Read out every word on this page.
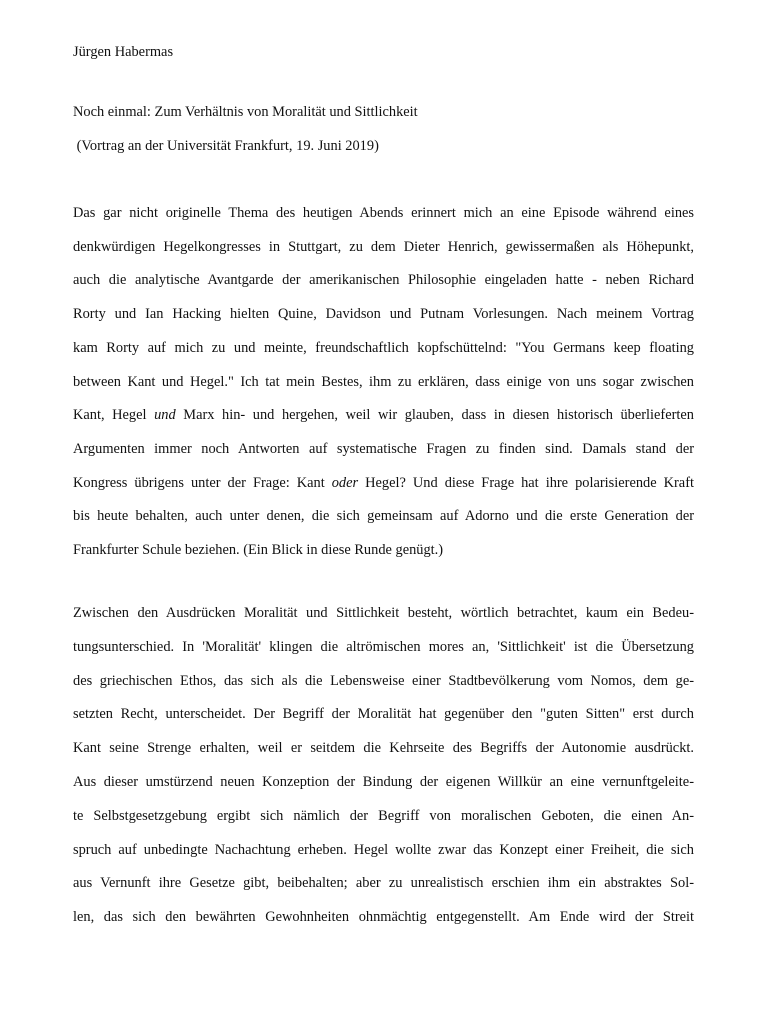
Jürgen Habermas
Noch einmal: Zum Verhältnis von Moralität und Sittlichkeit
(Vortrag an der Universität Frankfurt, 19. Juni 2019)
Das gar nicht originelle Thema des heutigen Abends erinnert mich an eine Episode während eines
denkwürdigen Hegelkongresses in Stuttgart, zu dem Dieter Henrich, gewissermaßen als Höhepunkt,
auch die analytische Avantgarde der amerikanischen Philosophie eingeladen hatte - neben Richard
Rorty und Ian Hacking hielten Quine, Davidson und Putnam Vorlesungen. Nach meinem Vortrag
kam Rorty auf mich zu und meinte, freundschaftlich kopfschüttelnd: "You Germans keep floating
between Kant und Hegel." Ich tat mein Bestes, ihm zu erklären, dass einige von uns sogar zwischen
Kant, Hegel und Marx hin- und hergehen, weil wir glauben, dass in diesen historisch überlieferten
Argumenten immer noch Antworten auf systematische Fragen zu finden sind. Damals stand der
Kongress übrigens unter der Frage: Kant oder Hegel? Und diese Frage hat ihre polarisierende Kraft
bis heute behalten, auch unter denen, die sich gemeinsam auf Adorno und die erste Generation der
Frankfurter Schule beziehen. (Ein Blick in diese Runde genügt.)
Zwischen den Ausdrücken Moralität und Sittlichkeit besteht, wörtlich betrachtet, kaum ein Bedeu-
tungsunterschied. In 'Moralität' klingen die altrömischen mores an, 'Sittlichkeit' ist die Übersetzung
des griechischen Ethos, das sich als die Lebensweise einer Stadtbevölkerung vom Nomos, dem ge-
setzten Recht, unterscheidet. Der Begriff der Moralität hat gegenüber den "guten Sitten" erst durch
Kant seine Strenge erhalten, weil er seitdem die Kehrseite des Begriffs der Autonomie ausdrückt.
Aus dieser umstürzend neuen Konzeption der Bindung der eigenen Willkür an eine vernunftgeleite-
te Selbstgesetzgebung ergibt sich nämlich der Begriff von moralischen Geboten, die einen An-
spruch auf unbedingte Nachachtung erheben. Hegel wollte zwar das Konzept einer Freiheit, die sich
aus Vernunft ihre Gesetze gibt, beibehalten; aber zu unrealistisch erschien ihm ein abstraktes Sol-
len, das sich den bewährten Gewohnheiten ohnmächtig entgegenstellt. Am Ende wird der Streit
